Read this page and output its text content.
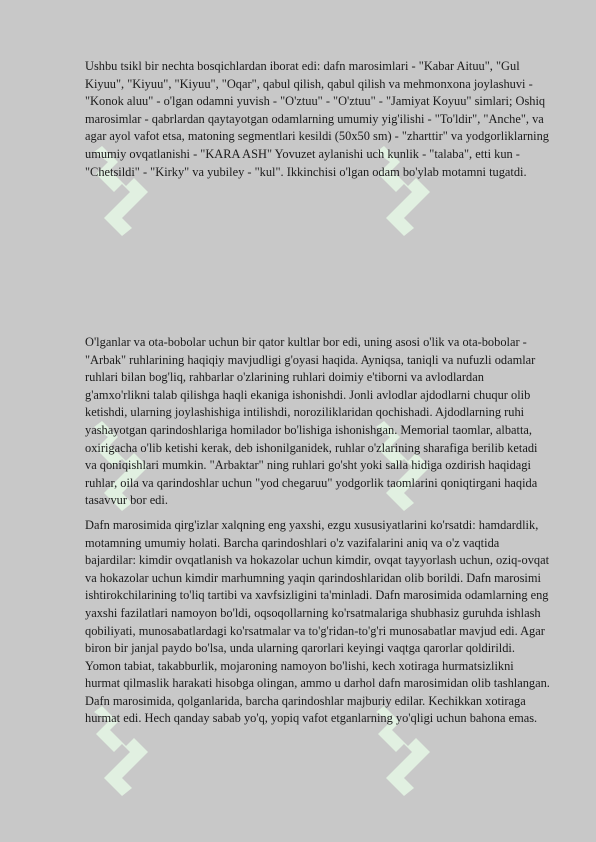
Ushbu tsikl bir nechta bosqichlardan iborat edi: dafn marosimlari - "Kabar Aituu", "Gul Kiyuu", "Kiyuu", "Kiyuu", "Oqar", qabul qilish, qabul qilish va mehmonxona joylashuvi - "Konok aluu" - o'lgan odamni yuvish - "O'ztuu" - "O'ztuu" - "Jamiyat Koyuu" simlari; Oshiq marosimlar - qabrlardan qaytayotgan odamlarning umumiy yig'ilishi - "To'ldir", "Anche", va agar ayol vafot etsa, matoning segmentlari kesildi (50x50 sm) - "zharttir" va yodgorliklarning umumiy ovqatlanishi - "KARA ASH" Yovuzet aylanishi uch kunlik - "talaba", etti kun - "Chetsildi" - "Kirky" va yubiley - "kul". Ikkinchisi o'lgan odam bo'ylab motamni tugatdi.

O'lganlar va ota-bobolar uchun bir qator kultlar bor edi, uning asosi o'lik va ota-bobolar - "Arbak" ruhlarining haqiqiy mavjudligi g'oyasi haqida. Ayniqsa, taniqli va nufuzli odamlar ruhlari bilan bog'liq, rahbarlar o'zlarining ruhlari doimiy e'tiborni va avlodlardan g'amxo'rlikni talab qilishga haqli ekaniga ishonishdi. Jonli avlodlar ajdodlarni chuqur olib ketishdi, ularning joylashishiga intilishdi, noroziliklaridan qochishadi. Ajdodlarning ruhi yashayotgan qarindoshlariga homilador bo'lishiga ishonishgan. Memorial taomlar, albatta, oxirigacha o'lib ketishi kerak, deb ishonilganidek, ruhlar o'zlarining sharafiga berilib ketadi va qoniqishlari mumkin. "Arbaktar" ning ruhlari go'sht yoki salla hidiga ozdirish haqidagi ruhlar, oila va qarindoshlar uchun "yod chegaruu" yodgorlik taomlarini qoniqtirgani haqida tasavvur bor edi.

Dafn marosimida qirg'izlar xalqning eng yaxshi, ezgu xususiyatlarini ko'rsatdi: hamdardlik, motamning umumiy holati. Barcha qarindoshlari o'z vazifalarini aniq va o'z vaqtida bajardilar: kimdir ovqatlanish va hokazolar uchun kimdir, ovqat tayyorlash uchun, oziq-ovqat va hokazolar uchun kimdir marhumning yaqin qarindoshlaridan olib borildi. Dafn marosimi ishtirokchilarining to'liq tartibi va xavfsizligini ta'minladi. Dafn marosimida odamlarning eng yaxshi fazilatlari namoyon bo'ldi, oqsoqollarning ko'rsatmalariga shubhasiz guruhda ishlash qobiliyati, munosabatlardagi ko'rsatmalar va to'g'ridan-to'g'ri munosabatlar mavjud edi. Agar biron bir janjal paydo bo'lsa, unda ularning qarorlari keyingi vaqtga qarorlar qoldirildi. Yomon tabiat, takabburlik, mojaroning namoyon bo'lishi, kech xotiraga hurmatsizlikni hurmat qilmaslik harakati hisobga olingan, ammo u darhol dafn marosimidan olib tashlangan. Dafn marosimida, qolganlarida, barcha qarindoshlar majburiy edilar. Kechikkan xotiraga hurmat edi. Hech qanday sabab yo'q, yopiq vafot etganlarning yo'qligi uchun bahona emas.
